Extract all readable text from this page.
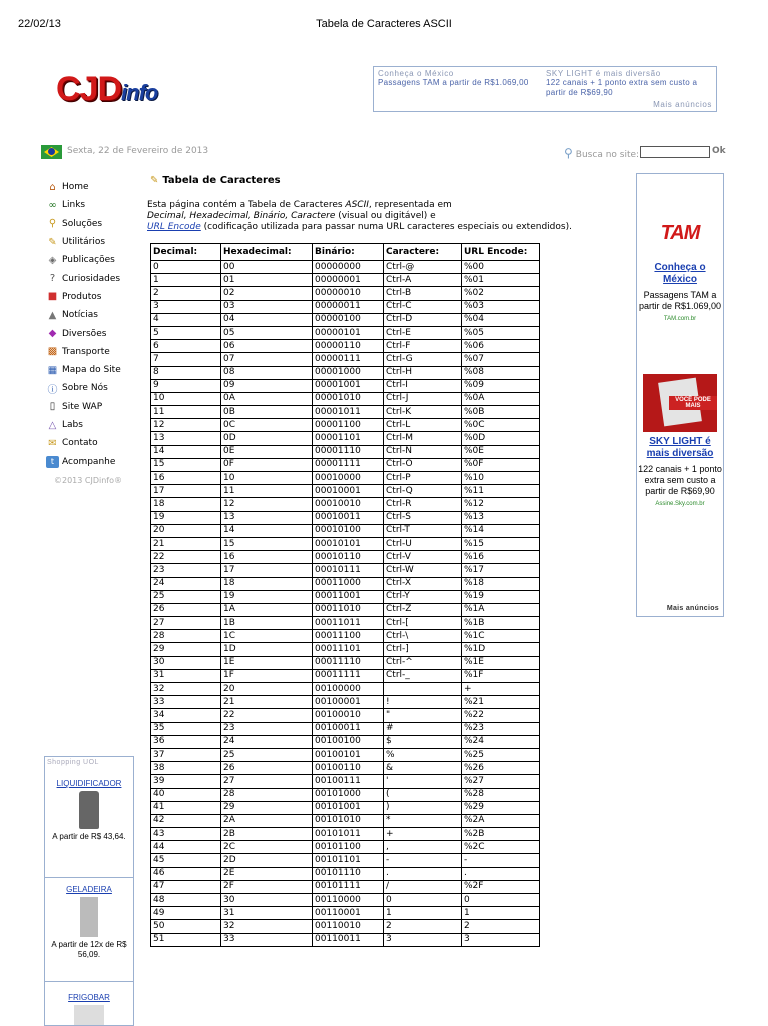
22/02/13	Tabela de Caracteres ASCII
CJDinfo
Conheça o México
Passagens TAM a partir de R$1.069,00
SKY LIGHT é mais diversão
122 canais + 1 ponto extra sem custo a partir de R$69,90
Mais anúncios
Sexta, 22 de Fevereiro de 2013	⚲ Busca no site:	Ok
⌂ Home
∞ Links
⚲ Soluções
✎ Utilitários
◈ Publicações
? Curiosidades
■ Produtos
▲ Notícias
◆ Diversões
▩ Transporte
▦ Mapa do Site
ⓘ Sobre Nós
▯ Site WAP
△ Labs
✉ Contato
t Acompanhe
©2013 CJDinfo®
✎ Tabela de Caracteres
Esta página contém a Tabela de Caracteres ASCII, representada em
Decimal, Hexadecimal, Binário, Caractere (visual ou digitável) e
URL Encode (codificação utilizada para passar numa URL caracteres especiais ou extendidos).
Decimal:	Hexadecimal:	Binário:	Caractere:	URL Encode:
0	00	00000000	Ctrl-@	%00
1	01	00000001	Ctrl-A	%01
2	02	00000010	Ctrl-B	%02
3	03	00000011	Ctrl-C	%03
4	04	00000100	Ctrl-D	%04
5	05	00000101	Ctrl-E	%05
6	06	00000110	Ctrl-F	%06
7	07	00000111	Ctrl-G	%07
8	08	00001000	Ctrl-H	%08
9	09	00001001	Ctrl-I	%09
10	0A	00001010	Ctrl-J	%0A
11	0B	00001011	Ctrl-K	%0B
12	0C	00001100	Ctrl-L	%0C
13	0D	00001101	Ctrl-M	%0D
14	0E	00001110	Ctrl-N	%0E
15	0F	00001111	Ctrl-O	%0F
16	10	00010000	Ctrl-P	%10
17	11	00010001	Ctrl-Q	%11
18	12	00010010	Ctrl-R	%12
19	13	00010011	Ctrl-S	%13
20	14	00010100	Ctrl-T	%14
21	15	00010101	Ctrl-U	%15
22	16	00010110	Ctrl-V	%16
23	17	00010111	Ctrl-W	%17
24	18	00011000	Ctrl-X	%18
25	19	00011001	Ctrl-Y	%19
26	1A	00011010	Ctrl-Z	%1A
27	1B	00011011	Ctrl-[	%1B
28	1C	00011100	Ctrl-\	%1C
29	1D	00011101	Ctrl-]	%1D
30	1E	00011110	Ctrl-^	%1E
31	1F	00011111	Ctrl-_	%1F
32	20	00100000		+
33	21	00100001	!	%21
34	22	00100010	"	%22
35	23	00100011	#	%23
36	24	00100100	$	%24
37	25	00100101	%	%25
38	26	00100110	&	%26
39	27	00100111	'	%27
40	28	00101000	(	%28
41	29	00101001	)	%29
42	2A	00101010	*	%2A
43	2B	00101011	+	%2B
44	2C	00101100	,	%2C
45	2D	00101101	-	-
46	2E	00101110	.	.
47	2F	00101111	/	%2F
48	30	00110000	0	0
49	31	00110001	1	1
50	32	00110010	2	2
51	33	00110011	3	3
TAM
Conheça o México
Passagens TAM a partir de R$1.069,00
TAM.com.br
VOCÊ PODE MAIS
SKY LIGHT é mais diversão
122 canais + 1 ponto extra sem custo a partir de R$69,90
Assine.Sky.com.br
Mais anúncios
Shopping UOL
LIQUIDIFICADOR
A partir de R$ 43,64.
GELADEIRA
A partir de 12x de R$ 56,09.
FRIGOBAR
